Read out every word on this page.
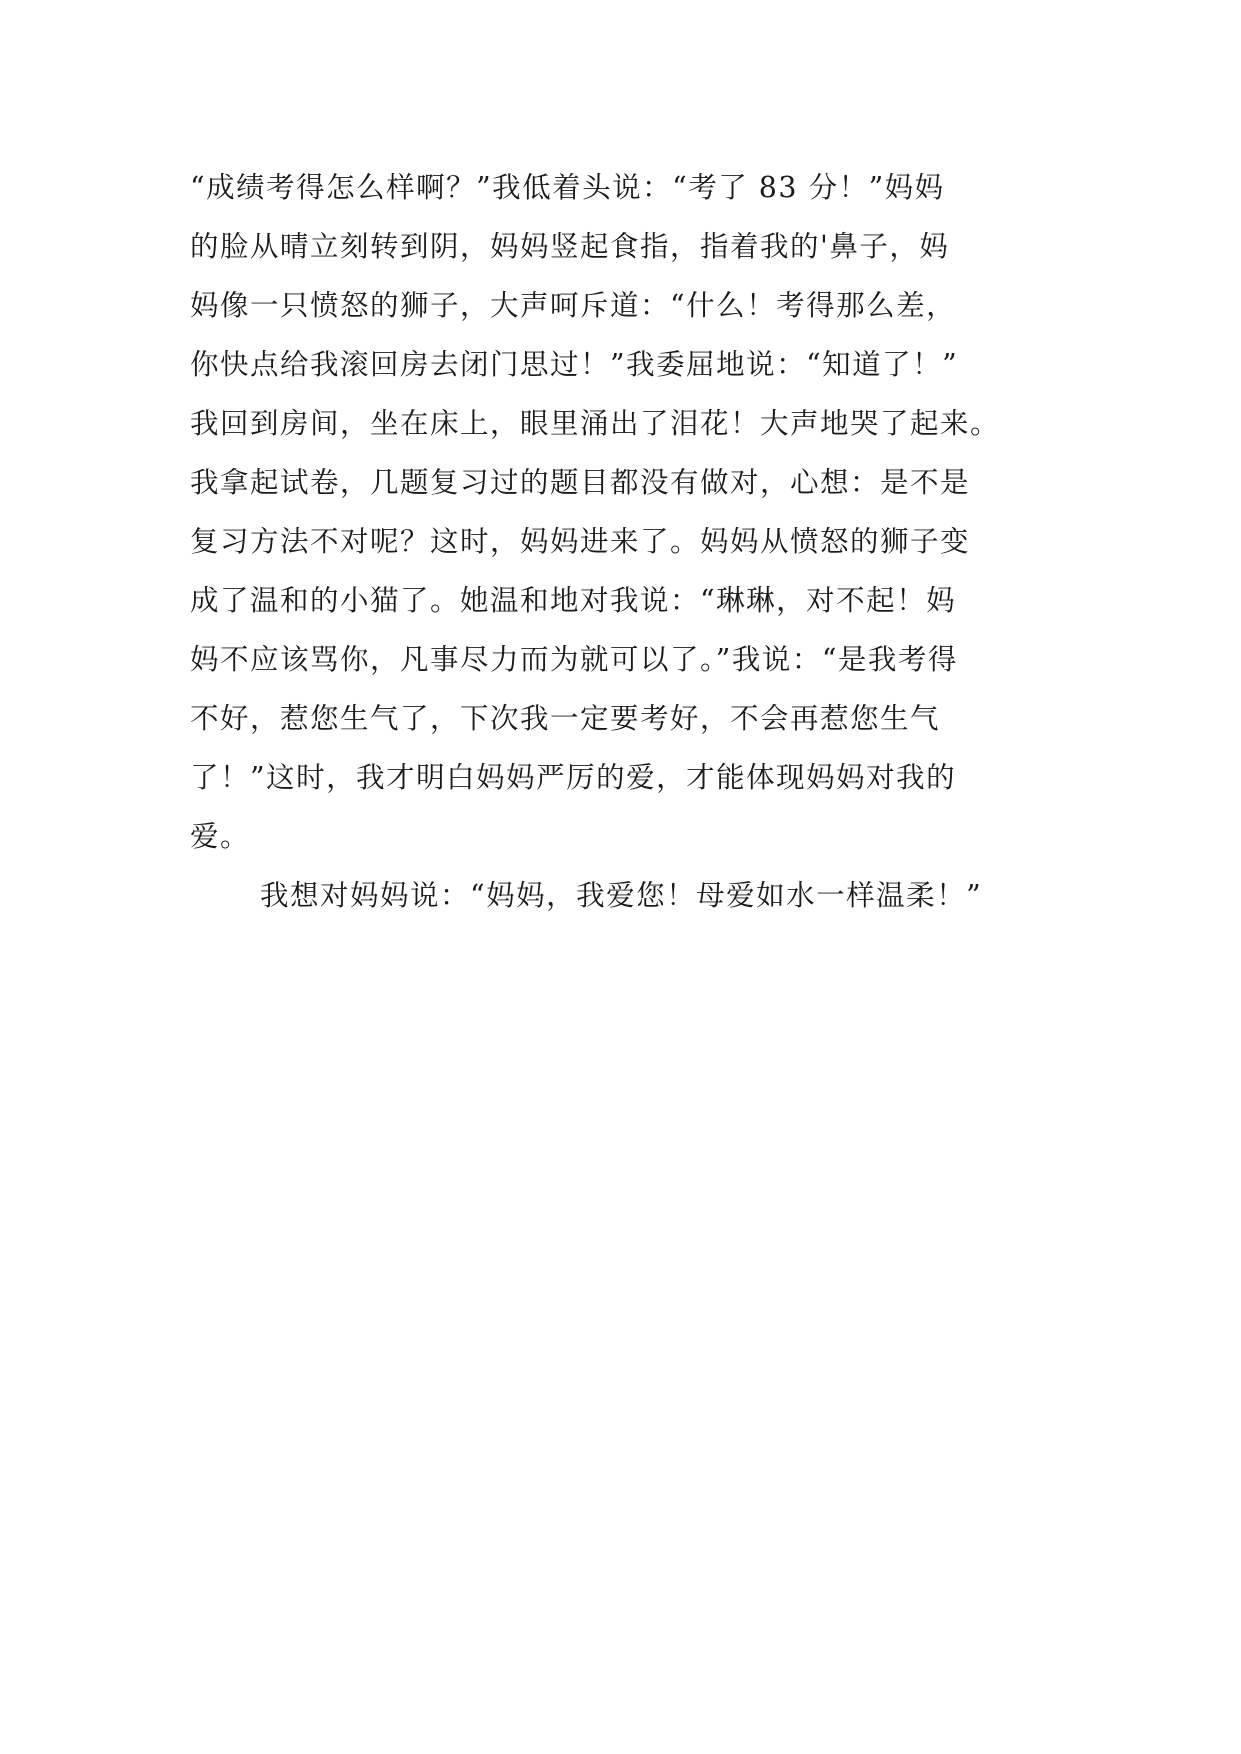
“成绩考得怎么样啊？”我低着头说：“考了 83 分！”妈妈
的脸从晴立刻转到阴，妈妈竖起食指，指着我的'鼻子，妈
妈像一只愤怒的狮子，大声呵斥道：“什么！考得那么差，
你快点给我滚回房去闭门思过！”我委屈地说：“知道了！”
我回到房间，坐在床上，眼里涌出了泪花！大声地哭了起来。
我拿起试卷，几题复习过的题目都没有做对，心想：是不是
复习方法不对呢？这时，妈妈进来了。妈妈从愤怒的狮子变
成了温和的小猫了。她温和地对我说：“琳琳，对不起！妈
妈不应该骂你，凡事尽力而为就可以了。”我说：“是我考得
不好，惹您生气了，下次我一定要考好，不会再惹您生气
了！”这时，我才明白妈妈严厉的爱，才能体现妈妈对我的
爱。
我想对妈妈说：“妈妈，我爱您！母爱如水一样温柔！”
